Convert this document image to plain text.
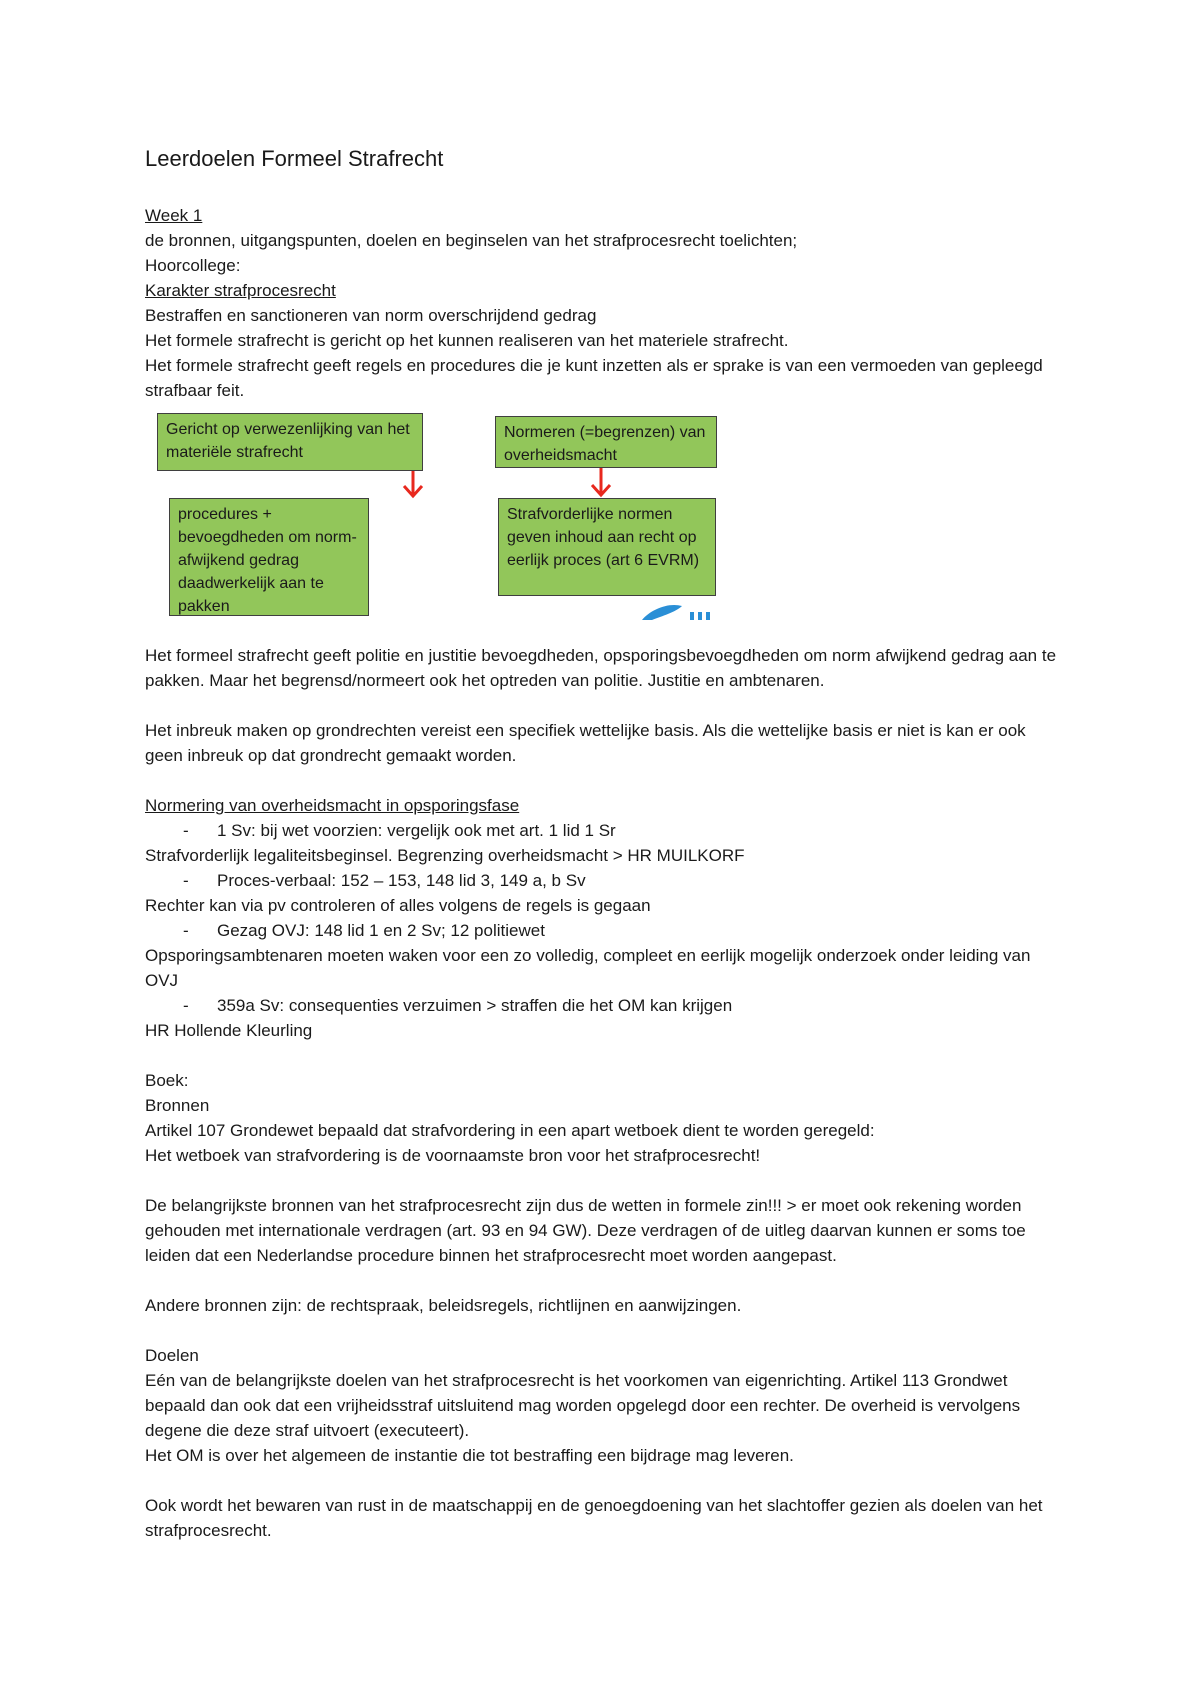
Leerdoelen Formeel Strafrecht
Week 1
de bronnen, uitgangspunten, doelen en beginselen van het strafprocesrecht toelichten;
Hoorcollege:
Karakter strafprocesrecht
Bestraffen en sanctioneren van norm overschrijdend gedrag
Het formele strafrecht is gericht op het kunnen realiseren van het materiele strafrecht.
Het formele strafrecht geeft regels en procedures die je kunt inzetten als er sprake is van een vermoeden van gepleegd strafbaar feit.
Gericht op verwezenlijking van het materiële strafrecht
procedures + bevoegdheden om norm-afwijkend gedrag daadwerkelijk aan te pakken
Normeren (=begrenzen) van overheidsmacht
Strafvorderlijke normen geven inhoud aan recht op eerlijk proces (art 6 EVRM)
Het formeel strafrecht geeft politie en justitie bevoegdheden, opsporingsbevoegdheden om norm afwijkend gedrag aan te pakken. Maar het begrensd/normeert ook het optreden van politie. Justitie en ambtenaren.
Het inbreuk maken op grondrechten vereist een specifiek wettelijke basis. Als die wettelijke basis er niet is kan er ook geen inbreuk op dat grondrecht gemaakt worden.
Normering van overheidsmacht in opsporingsfase
- 1 Sv: bij wet voorzien: vergelijk ook met art. 1 lid 1 Sr
Strafvorderlijk legaliteitsbeginsel. Begrenzing overheidsmacht > HR MUILKORF
- Proces-verbaal: 152 – 153, 148 lid 3, 149 a, b Sv
Rechter kan via pv controleren of alles volgens de regels is gegaan
- Gezag OVJ: 148 lid 1 en 2 Sv; 12 politiewet
Opsporingsambtenaren moeten waken voor een zo volledig, compleet en eerlijk mogelijk onderzoek onder leiding van OVJ
- 359a Sv: consequenties verzuimen > straffen die het OM kan krijgen
HR Hollende Kleurling
Boek:
Bronnen
Artikel 107 Grondewet bepaald dat strafvordering in een apart wetboek dient te worden geregeld:
Het wetboek van strafvordering is de voornaamste bron voor het strafprocesrecht!
De belangrijkste bronnen van het strafprocesrecht zijn dus de wetten in formele zin!!! > er moet ook rekening worden gehouden met internationale verdragen (art. 93 en 94 GW). Deze verdragen of de uitleg daarvan kunnen er soms toe leiden dat een Nederlandse procedure binnen het strafprocesrecht moet worden aangepast.
Andere bronnen zijn: de rechtspraak, beleidsregels, richtlijnen en aanwijzingen.
Doelen
Eén van de belangrijkste doelen van het strafprocesrecht is het voorkomen van eigenrichting. Artikel 113 Grondwet bepaald dan ook dat een vrijheidsstraf uitsluitend mag worden opgelegd door een rechter. De overheid is vervolgens degene die deze straf uitvoert (executeert).
Het OM is over het algemeen de instantie die tot bestraffing een bijdrage mag leveren.
Ook wordt het bewaren van rust in de maatschappij en de genoegdoening van het slachtoffer gezien als doelen van het strafprocesrecht.
